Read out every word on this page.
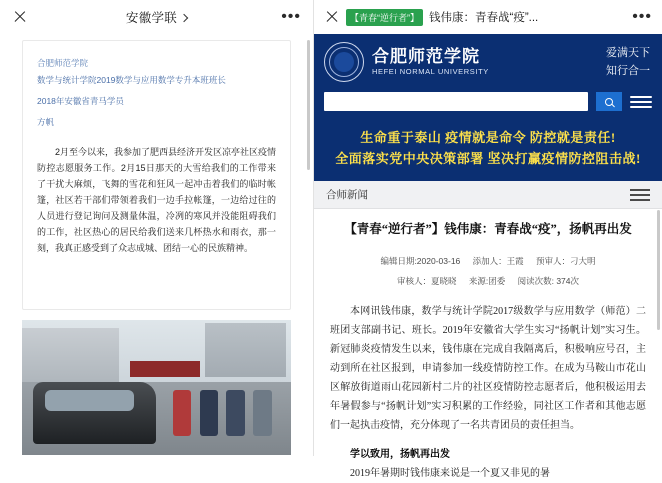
安徽学联	•••
合肥师范学院
数学与统计学院2019数学与应用数学专升本班班长
2018年安徽省青马学员
方帆
2月至今以来，我参加了肥西县经济开发区凉亭社区疫情防控志愿服务工作。2月15日那天的大雪给我们的工作带来了干扰大麻烦，飞舞的雪花和狂风一起冲击着我们的临时帐篷，社区若干部们带领着我们一边手拉帐篷，一边给过往的人员进行登记询问及测量体温，冷冽的寒风并没能阻碍我们的工作，社区热心的居民给我们送来几杯热水和雨衣，那一刻，我真正感受到了众志成城、团结一心的民族精神。
【青春“逆行者”】 钱伟康：青春战“疫”...	•••
合肥师范学院
HEFEI NORMAL UNIVERSITY
爱满天下
知行合一
生命重于泰山 疫情就是命令 防控就是责任!
全面落实党中央决策部署 坚决打赢疫情防控阻击战!
合师新闻
【青春“逆行者”】钱伟康：青春战“疫”，扬帆再出发
编辑日期:2020-03-16 添加人：王霞 预审人：刁大明
审核人：夏晓晓 来源:团委 阅读次数: 374次
本网讯钱伟康，数学与统计学院2017级数学与应用数学（师范）二班团支部副书记、班长。2019年安徽省大学生实习“扬帆计划”实习生。新冠肺炎疫情发生以来，钱伟康在完成自我隔离后，积极响应号召，主动到所在社区报到，申请参加一线疫情防控工作。在成为马鞍山市花山区解放街道雨山花园新村二片的社区疫情防控志愿者后，他积极运用去年暑假参与“扬帆计划”实习积累的工作经验，同社区工作者和其他志愿们一起执击疫情，充分体现了一名共青团员的责任担当。
学以致用，扬帆再出发
2019年暑期时钱伟康来说是一个夏又非见的暑
